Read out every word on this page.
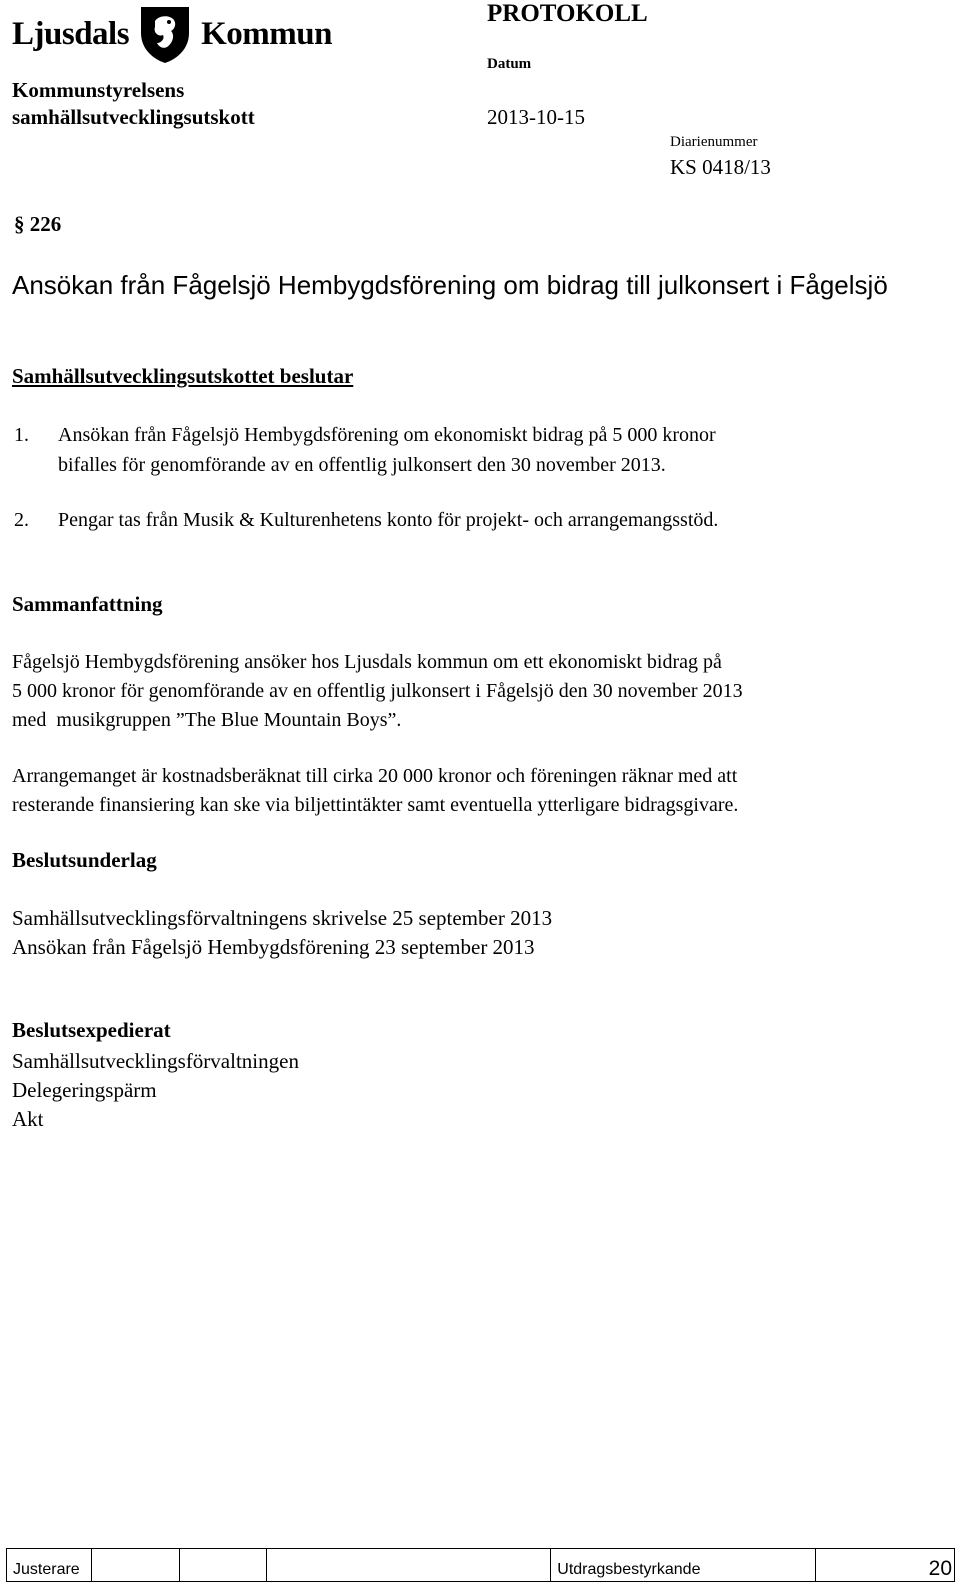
Ljusdals Kommun
PROTOKOLL
Datum
Kommunstyrelsens
samhällsutvecklingsutskott	2013-10-15
Diarienummer
KS 0418/13
§ 226
Ansökan från Fågelsjö Hembygdsförening om bidrag till julkonsert i Fågelsjö
Samhällsutvecklingsutskottet beslutar
1. Ansökan från Fågelsjö Hembygdsförening om ekonomiskt bidrag på 5 000 kronor
bifalles för genomförande av en offentlig julkonsert den 30 november 2013.
2. Pengar tas från Musik & Kulturenhetens konto för projekt- och arrangemangsstöd.
Sammanfattning
Fågelsjö Hembygdsförening ansöker hos Ljusdals kommun om ett ekonomiskt bidrag på
5 000 kronor för genomförande av en offentlig julkonsert i Fågelsjö den 30 november 2013
med  musikgruppen ”The Blue Mountain Boys”.
Arrangemanget är kostnadsberäknat till cirka 20 000 kronor och föreningen räknar med att
resterande finansiering kan ske via biljettintäkter samt eventuella ytterligare bidragsgivare.
Beslutsunderlag
Samhällsutvecklingsförvaltningens skrivelse 25 september 2013
Ansökan från Fågelsjö Hembygdsförening 23 september 2013
Beslutsexpedierat
Samhällsutvecklingsförvaltningen
Delegeringspärm
Akt
Justerare	Utdragsbestyrkande	20
